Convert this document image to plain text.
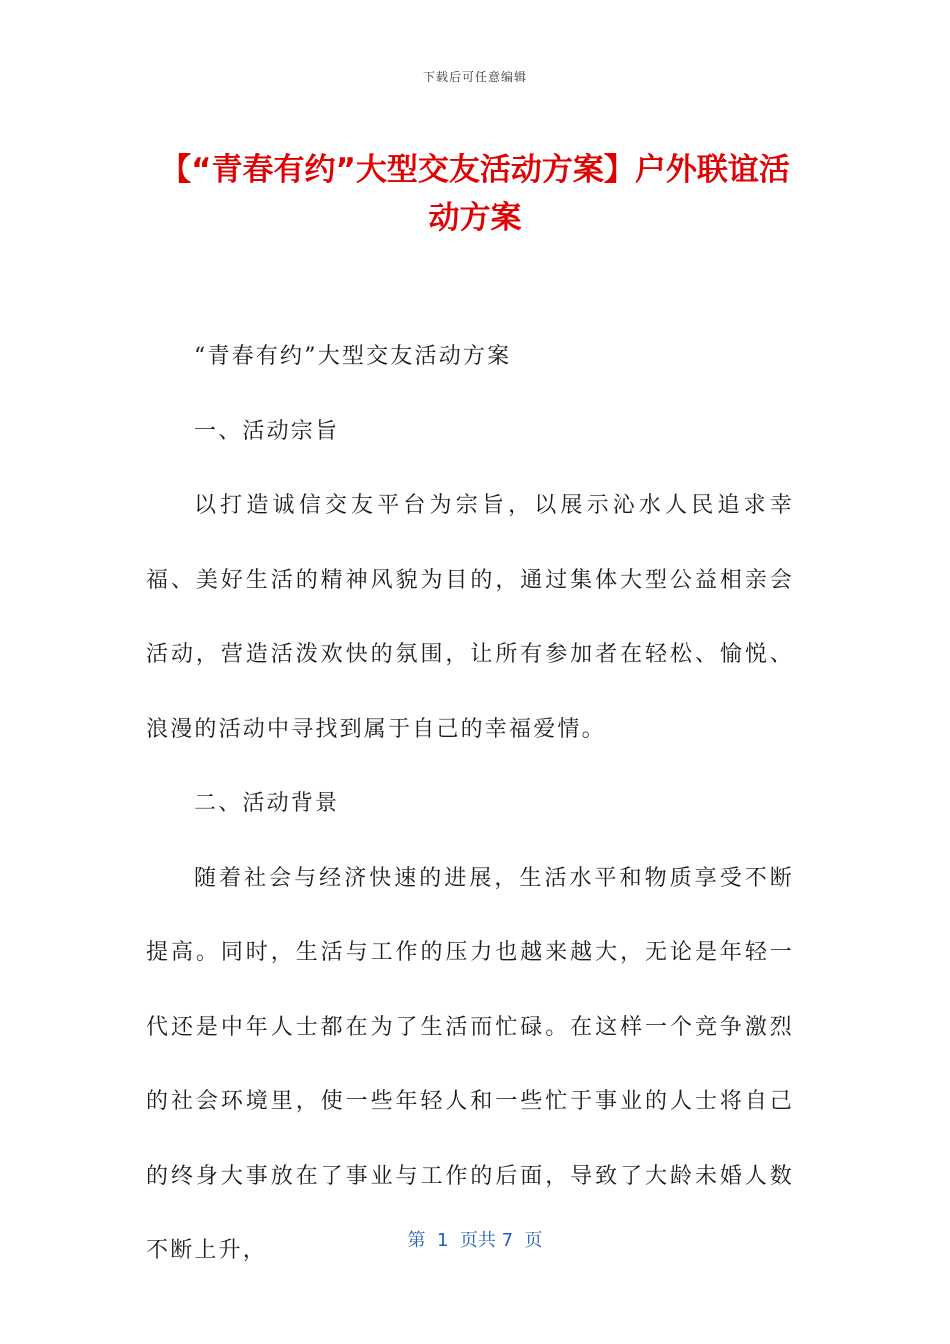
下载后可任意编辑
【“青春有约”大型交友活动方案】户外联谊活动方案

“青春有约”大型交友活动方案

一、活动宗旨

以打造诚信交友平台为宗旨，以展示沁水人民追求幸福、美好生活的精神风貌为目的，通过集体大型公益相亲会活动，营造活泼欢快的氛围，让所有参加者在轻松、愉悦、浪漫的活动中寻找到属于自己的幸福爱情。

二、活动背景

随着社会与经济快速的进展，生活水平和物质享受不断提高。同时，生活与工作的压力也越来越大，无论是年轻一代还是中年人士都在为了生活而忙碌。在这样一个竞争激烈的社会环境里，使一些年轻人和一些忙于事业的人士将自己的终身大事放在了事业与工作的后面，导致了大龄未婚人数不断上升，	第  1  页共 7  页
